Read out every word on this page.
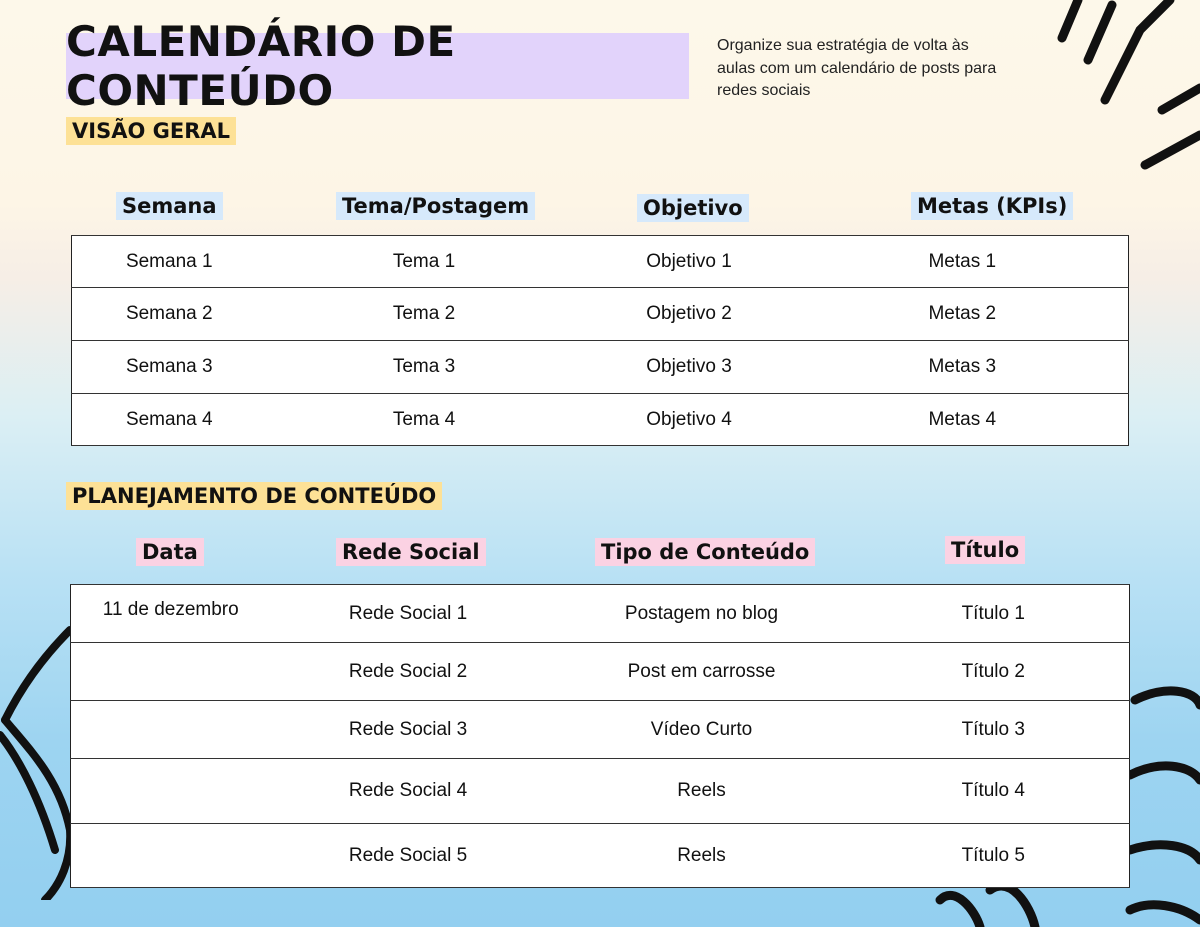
CALENDÁRIO DE CONTEÚDO
Organize sua estratégia de volta às aulas com um calendário de posts para redes sociais
VISÃO GERAL
Semana	Tema/Postagem	Objetivo	Metas (KPIs)
Semana 1	Tema 1	Objetivo 1	Metas 1
Semana 2	Tema 2	Objetivo 2	Metas 2
Semana 3	Tema 3	Objetivo 3	Metas 3
Semana 4	Tema 4	Objetivo 4	Metas 4
PLANEJAMENTO DE CONTEÚDO
Data	Rede Social	Tipo de Conteúdo	Título
11 de dezembro	Rede Social 1	Postagem no blog	Título 1
	Rede Social 2	Post em carrosse	Título 2
	Rede Social 3	Vídeo Curto	Título 3
	Rede Social 4	Reels	Título 4
	Rede Social 5	Reels	Título 5
